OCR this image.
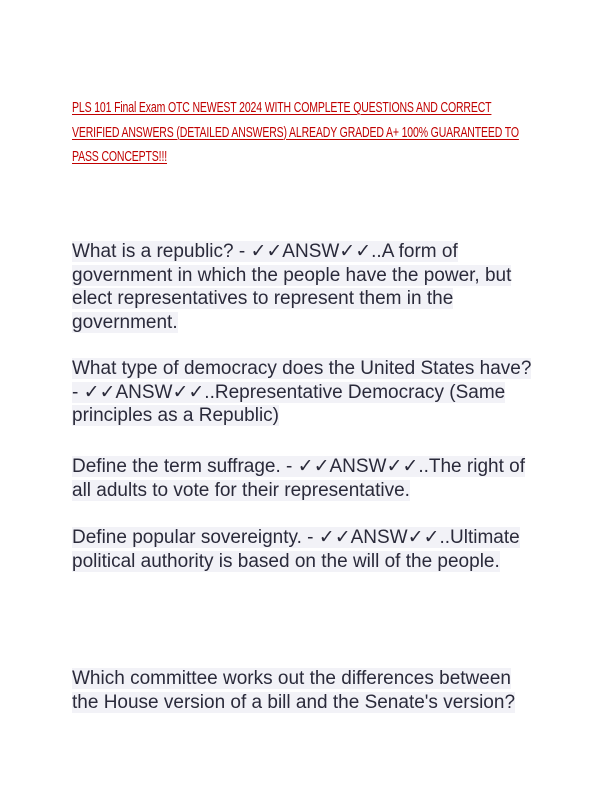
PLS 101 Final Exam OTC NEWEST 2024 WITH COMPLETE QUESTIONS AND CORRECT VERIFIED ANSWERS (DETAILED ANSWERS) ALREADY GRADED A+ 100% GUARANTEED TO PASS CONCEPTS!!!
What is a republic? - ✓✓ANSW✓✓..A form of government in which the people have the power, but elect representatives to represent them in the government.
What type of democracy does the United States have? - ✓✓ANSW✓✓..Representative Democracy (Same principles as a Republic)
Define the term suffrage. - ✓✓ANSW✓✓..The right of all adults to vote for their representative.
Define popular sovereignty. - ✓✓ANSW✓✓..Ultimate political authority is based on the will of the people.
Which committee works out the differences between the House version of a bill and the Senate's version?
